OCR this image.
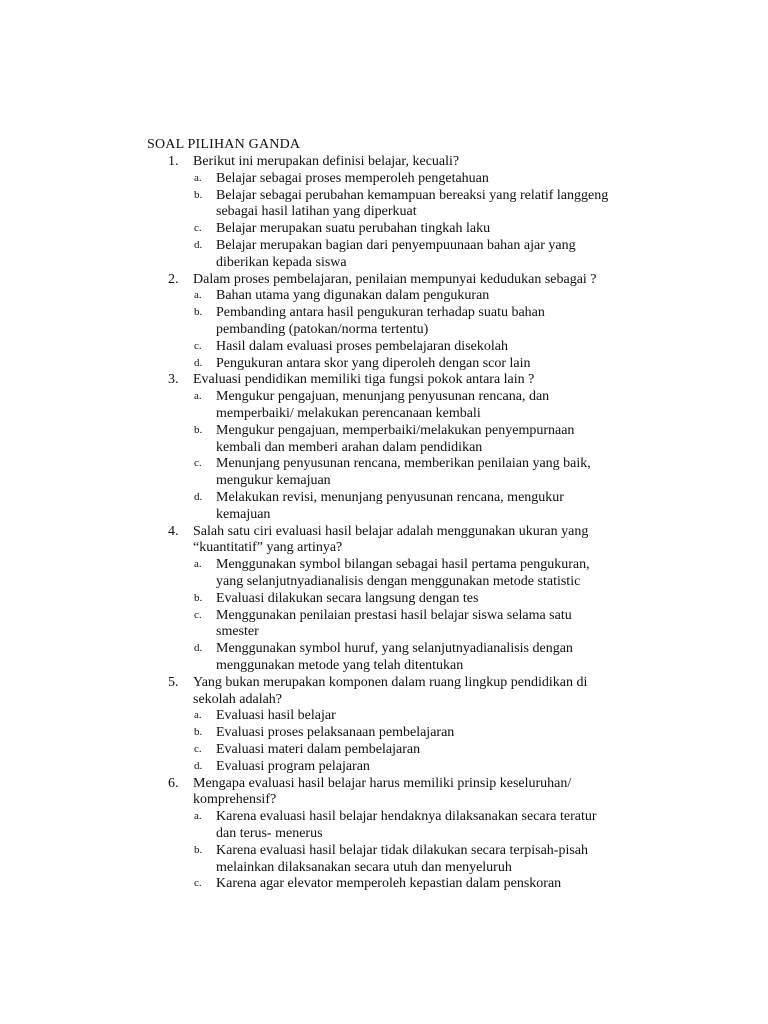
SOAL PILIHAN GANDA
1.	Berikut ini merupakan definisi belajar, kecuali?
a.	Belajar sebagai proses memperoleh pengetahuan
b. Belajar sebagai perubahan kemampuan bereaksi yang relatif langgeng
sebagai hasil latihan yang diperkuat
c.	Belajar merupakan suatu perubahan tingkah laku
d. Belajar merupakan bagian dari penyempuunaan bahan ajar yang
diberikan kepada siswa
2.	Dalam proses pembelajaran, penilaian mempunyai kedudukan sebagai ?
a.	Bahan utama yang digunakan dalam pengukuran
b. Pembanding antara hasil pengukuran terhadap suatu bahan
pembanding (patokan/norma tertentu)
c.	Hasil dalam evaluasi proses pembelajaran disekolah
d. Pengukuran antara skor yang diperoleh dengan scor lain
3.	Evaluasi pendidikan memiliki tiga fungsi pokok antara lain ?
a.	Mengukur pengajuan, menunjang penyusunan rencana, dan
memperbaiki/ melakukan perencanaan kembali
b. Mengukur pengajuan, memperbaiki/melakukan penyempurnaan
kembali dan memberi arahan dalam pendidikan
c.	Menunjang penyusunan rencana, memberikan penilaian yang baik,
mengukur kemajuan
d. Melakukan revisi, menunjang penyusunan rencana, mengukur
kemajuan
4.	Salah satu ciri evaluasi hasil belajar adalah menggunakan ukuran yang
“kuantitatif” yang artinya?
a.	Menggunakan symbol bilangan sebagai hasil pertama pengukuran,
yang selanjutnyadianalisis dengan menggunakan metode statistic
b. Evaluasi dilakukan secara langsung dengan tes
c.	Menggunakan penilaian prestasi hasil belajar siswa selama satu
smester
d. Menggunakan symbol huruf, yang selanjutnyadianalisis dengan
menggunakan metode yang telah ditentukan
5.	Yang bukan merupakan komponen dalam ruang lingkup pendidikan di
sekolah adalah?
a.	Evaluasi hasil belajar
b. Evaluasi proses pelaksanaan pembelajaran
c.	Evaluasi materi dalam pembelajaran
d. Evaluasi program pelajaran
6.	Mengapa evaluasi hasil belajar harus memiliki prinsip keseluruhan/
komprehensif?
a.	Karena evaluasi hasil belajar hendaknya dilaksanakan secara teratur
dan terus- menerus
b. Karena evaluasi hasil belajar tidak dilakukan secara terpisah-pisah
melainkan dilaksanakan secara utuh dan menyeluruh
c.	Karena agar elevator memperoleh kepastian dalam penskoran
